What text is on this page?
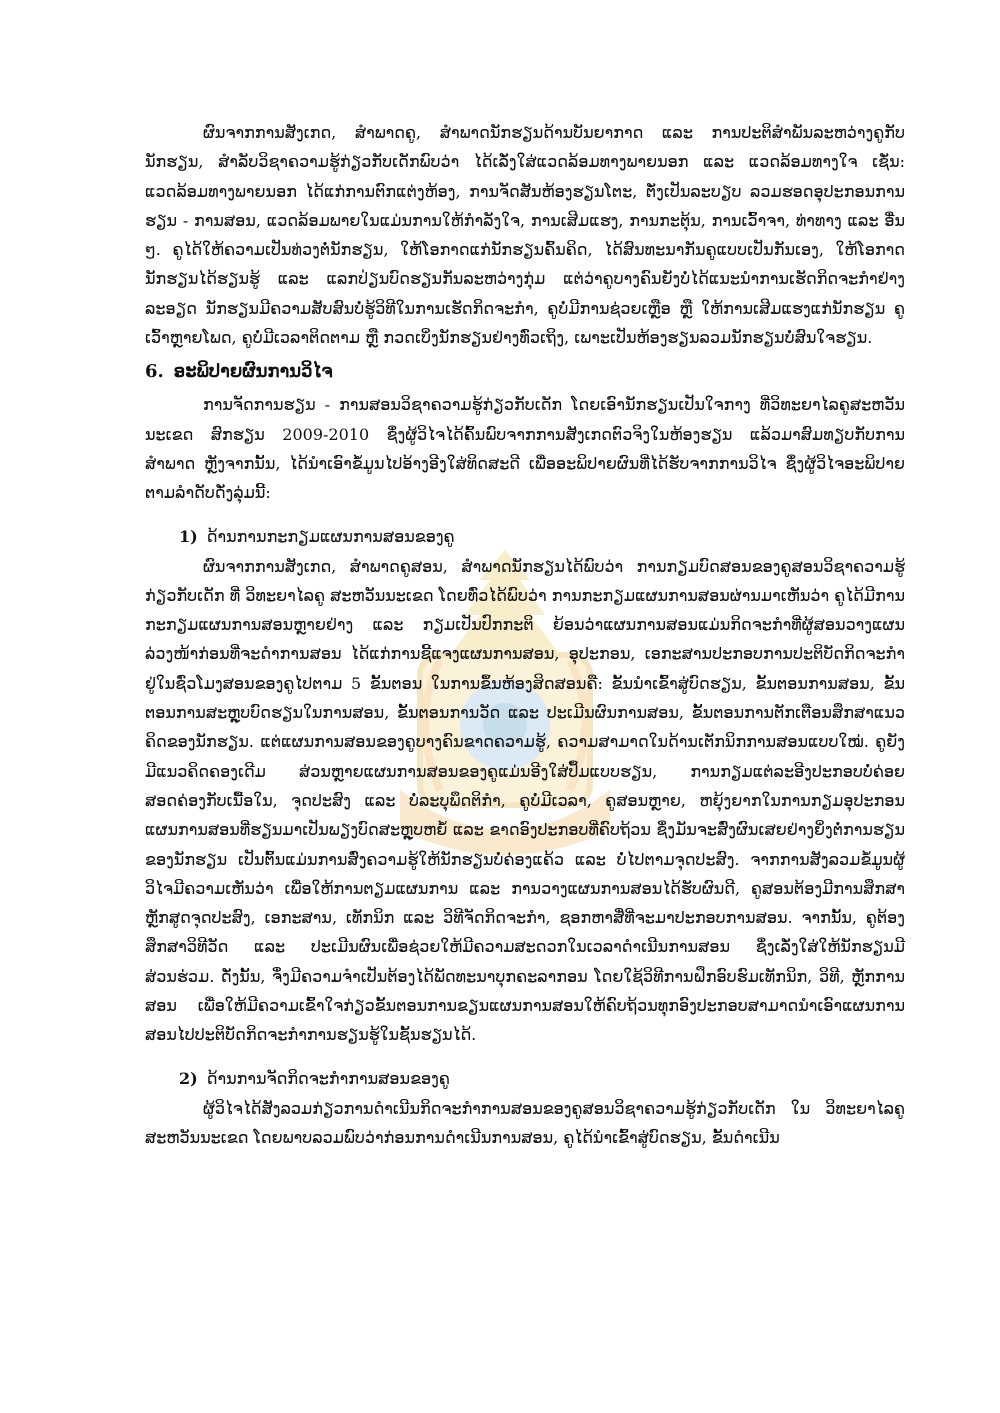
ຜົນຈາກການສັງເກດ, ສຳພາດຄູ, ສຳພາດນັກຮຽນດ້ານບັນຍາກາດ ແລະ ການປະຕິສຳພັນລະຫວ່າງຄູກັບນັກຮຽນ, ສຳລັບວິຊາຄວາມຮູ້ກ່ຽວກັບເດັກພົບວ່າ ໄດ້ເລັ່ງໃສ່ແວດລ້ອມທາງພາຍນອກ ແລະ ແວດລ້ອມທາງໃຈ ເຊັ່ນ: ແວດລ້ອມທາງພາຍນອກ ໄດ້ແກ່ການຕົກແຕ່ງຫ້ອງ, ການຈັດສັນຫ້ອງຮຽນໂຕະ, ຕັ່ງເປັນລະບຽບ ລວມຮອດອຸປະກອນການຮຽນ - ການສອນ, ແວດລ້ອມພາຍໃນແມ່ນການໃຫ້ກຳລັງໃຈ, ການເສີມແຮງ, ການກະຕຸ້ນ, ການເວົ້າຈາ, ທ່າທາງ ແລະ ອື່ນໆ. ຄູໄດ້ໃຫ້ຄວາມເປັນທ່ວງຕໍ່ນັກຮຽນ, ໃຫ້ໂອກາດແກ່ນັກຮຽນຄົ້ນຄິດ, ໄດ້ສົນທະນາກັນຄູແບບເປັນກັນເອງ, ໃຫ້ໂອກາດນັກຮຽນໄດ້ຮຽນຮູ້ ແລະ ແລກປ່ຽນບົດຮຽນກັນລະຫວ່າງກຸ່ມ ແຕ່ວ່າຄູບາງຄົນຍັງບໍ່ໄດ້ແນະນຳການເຮັດກິດຈະກຳຢ່າງລະອຽດ ນັກຮຽນມີຄວາມສັບສົນບໍ່ຮູ້ວິທີໃນການເຮັດກິດຈະກຳ, ຄູບໍ່ມີການຊ່ວຍເຫຼືອ ຫຼື ໃຫ້ການເສີມແຮງແກ່ນັກຮຽນ ຄູເວົ້າຫຼາຍໂພດ, ຄູບໍ່ມີເວລາຕິດຕາມ ຫຼື ກວດເບິ່ງນັກຮຽນຢ່າງທົ່ວເຖິງ, ເພາະເປັນຫ້ອງຮຽນລວມນັກຮຽນບໍ່ສົນໃຈຮຽນ.

6. ອະພິປາຍຜົນການວິໄຈ

ການຈັດການຮຽນ - ການສອນວິຊາຄວາມຮູ້ກ່ຽວກັບເດັກ ໂດຍເອົານັກຮຽນເປັນໃຈກາງ ທີ່ວິທະຍາໄລຄູສະຫວັນນະເຂດ ສົກຮຽນ 2009-2010 ຊຶ່ງຜູ້ວິໄຈໄດ້ຄົ້ນພົບຈາກການສັງເກດຕົວຈິງໃນຫ້ອງຮຽນ ແລ້ວມາສົມທຽບກັບການສຳພາດ ຫຼັງຈາກນັ້ນ, ໄດ້ນຳເອົາຂໍ້ມູນໄປອ້າງອີງໃສ່ທິດສະດີ ເພື່ອອະພິປາຍຜົນທີ່ໄດ້ຮັບຈາກການວິໄຈ ຊຶ່ງຜູ້ວິໄຈອະພິປາຍຕາມລຳດັບດັ່ງລຸ່ມນີ້:

1) ດ້ານການກະກຽມແຜນການສອນຂອງຄູ

ຜົນຈາກການສັງເກດ, ສຳພາດຄູສອນ, ສຳພາດນັກຮຽນໄດ້ພົບວ່າ ການກຽມບົດສອນຂອງຄູສອນວິຊາຄວາມຮູ້ກ່ຽວກັບເດັກ ທີ່ ວິທະຍາໄລຄູ ສະຫວັນນະເຂດ ໂດຍທົ່ວໄດ້ພົບວ່າ ການກະກຽມແຜນການສອນຜ່ານມາເຫັນວ່າ ຄູໄດ້ມີການກະກຽມແຜນການສອນຫຼາຍຢ່າງ ແລະ ກຽມເປັນປົກກະຕິ ຍ້ອນວ່າແຜນການສອນແມ່ນກິດຈະກຳທີ່ຜູ້ສອນວາງແຜນລ່ວງໜ້າກ່ອນທີ່ຈະດຳການສອນ ໄດ້ແກ່ການຊີ້ແຈງແຜນການສອນ, ອຸປະກອນ, ເອກະສານປະກອບການປະຕິບັດກິດຈະກຳຢູ່ໃນຊົ່ວໂມງສອນຂອງຄູໄປຕາມ 5 ຂັ້ນຕອນ ໃນການຂຶ້ນຫ້ອງສິດສອນຄື: ຂັ້ນນຳເຂົ້າສູ່ບົດຮຽນ, ຂັ້ນຕອນການສອນ, ຂັ້ນຕອນການສະຫຼຸບບົດຮຽນໃນການສອນ, ຂັ້ນຕອນການວັດ ແລະ ປະເມີນຜົນການສອນ, ຂັ້ນຕອນການຕັກເຕືອນສຶກສາແນວຄິດຂອງນັກຮຽນ. ແຕ່ແຜນການສອນຂອງຄູບາງຄົນຂາດຄວາມຮູ້, ຄວາມສາມາດໃນດ້ານເຕັກນິກການສອນແບບໃໝ່. ຄູຍັງມີແນວຄິດຄອງເດີມ ສ່ວນຫຼາຍແຜນການສອນຂອງຄູແມ່ນອີງໃສ່ປຶ້ມແບບຮຽນ, ການກຽມແຕ່ລະອີງປະກອບບໍ່ຄ່ອຍສອດຄ່ອງກັບເນື້ອໃນ, ຈຸດປະສົງ ແລະ ບໍ່ລະບຸພຶດຕິກຳ, ຄູບໍ່ມີເວລາ, ຄູສອນຫຼາຍ, ຫຍຸ້ງຍາກໃນການກຽມອຸປະກອນແຜນການສອນທີ່ຮຽນມາເປັນພຽງບົດສະຫຼຸບຫຍໍ້ ແລະ ຂາດອົງປະກອບທີ່ຄົບຖ້ວນ ຊຶ່ງມັນຈະສົ່ງຜົນເສຍຢ່າງຍິ່ງຕໍ່ການຮຽນຂອງນັກຮຽນ ເປັນຕົ້ນແມ່ນການສົ່ງຄວາມຮູ້ໃຫ້ນັກຮຽນບໍ່ຄ່ອງແຄ້ວ ແລະ ບໍ່ໄປຕາມຈຸດປະສົງ. ຈາກການສັງລວມຂໍ້ມູນຜູ້ວິໄຈມີຄວາມເຫັນວ່າ ເພື່ອໃຫ້ການຕຽມແຜນການ ແລະ ການວາງແຜນການສອນໄດ້ຮັບຜົນດີ, ຄູສອນຕ້ອງມີການສຶກສາຫຼັກສູດຈຸດປະສົງ, ເອກະສານ, ເທັກນິກ ແລະ ວິທີຈັດກິດຈະກຳ, ຊອກຫາສື່ທີ່ຈະມາປະກອບການສອນ. ຈາກນັ້ນ, ຄູຕ້ອງສຶກສາວິທີວັດ ແລະ ປະເມີນຜົນເພື່ອຊ່ວຍໃຫ້ມີຄວາມສະດວກໃນເວລາດຳເນີນການສອນ ຊຶ່ງເລັ່ງໃສ່ໃຫ້ນັກຮຽນມີສ່ວນຮ່ວມ. ດັ່ງນັ້ນ, ຈຶ່ງມີຄວາມຈຳເປັນຕ້ອງໄດ້ພັດທະນາບຸກຄະລາກອນ ໂດຍໃຊ້ວິທີການຝຶກອົບຮົມເທັກນິກ, ວິທີ, ຫຼັກການສອນ ເພື່ອໃຫ້ມີຄວາມເຂົ້າໃຈກ່ຽວຂັ້ນຕອນການຂຽນແຜນການສອນໃຫ້ຄົບຖ້ວນທຸກອົງປະກອບສາມາດນຳເອົາແຜນການສອນໄປປະຕິບັດກິດຈະກຳການຮຽນຮູ້ໃນຊັ້ນຮຽນໄດ້.

2) ດ້ານການຈັດກິດຈະກຳການສອນຂອງຄູ

ຜູ້ວິໄຈໄດ້ສັງລວມກ່ຽວການດຳເນີນກິດຈະກຳການສອນຂອງຄູສອນວິຊາຄວາມຮູ້ກ່ຽວກັບເດັກ ໃນ ວິທະຍາໄລຄູ ສະຫວັນນະເຂດ ໂດຍພາບລວມພົບວ່າກ່ອນການດຳເນີນການສອນ, ຄູໄດ້ນຳເຂົ້າສູ່ບົດຮຽນ, ຂັ້ນດຳເນີນ
